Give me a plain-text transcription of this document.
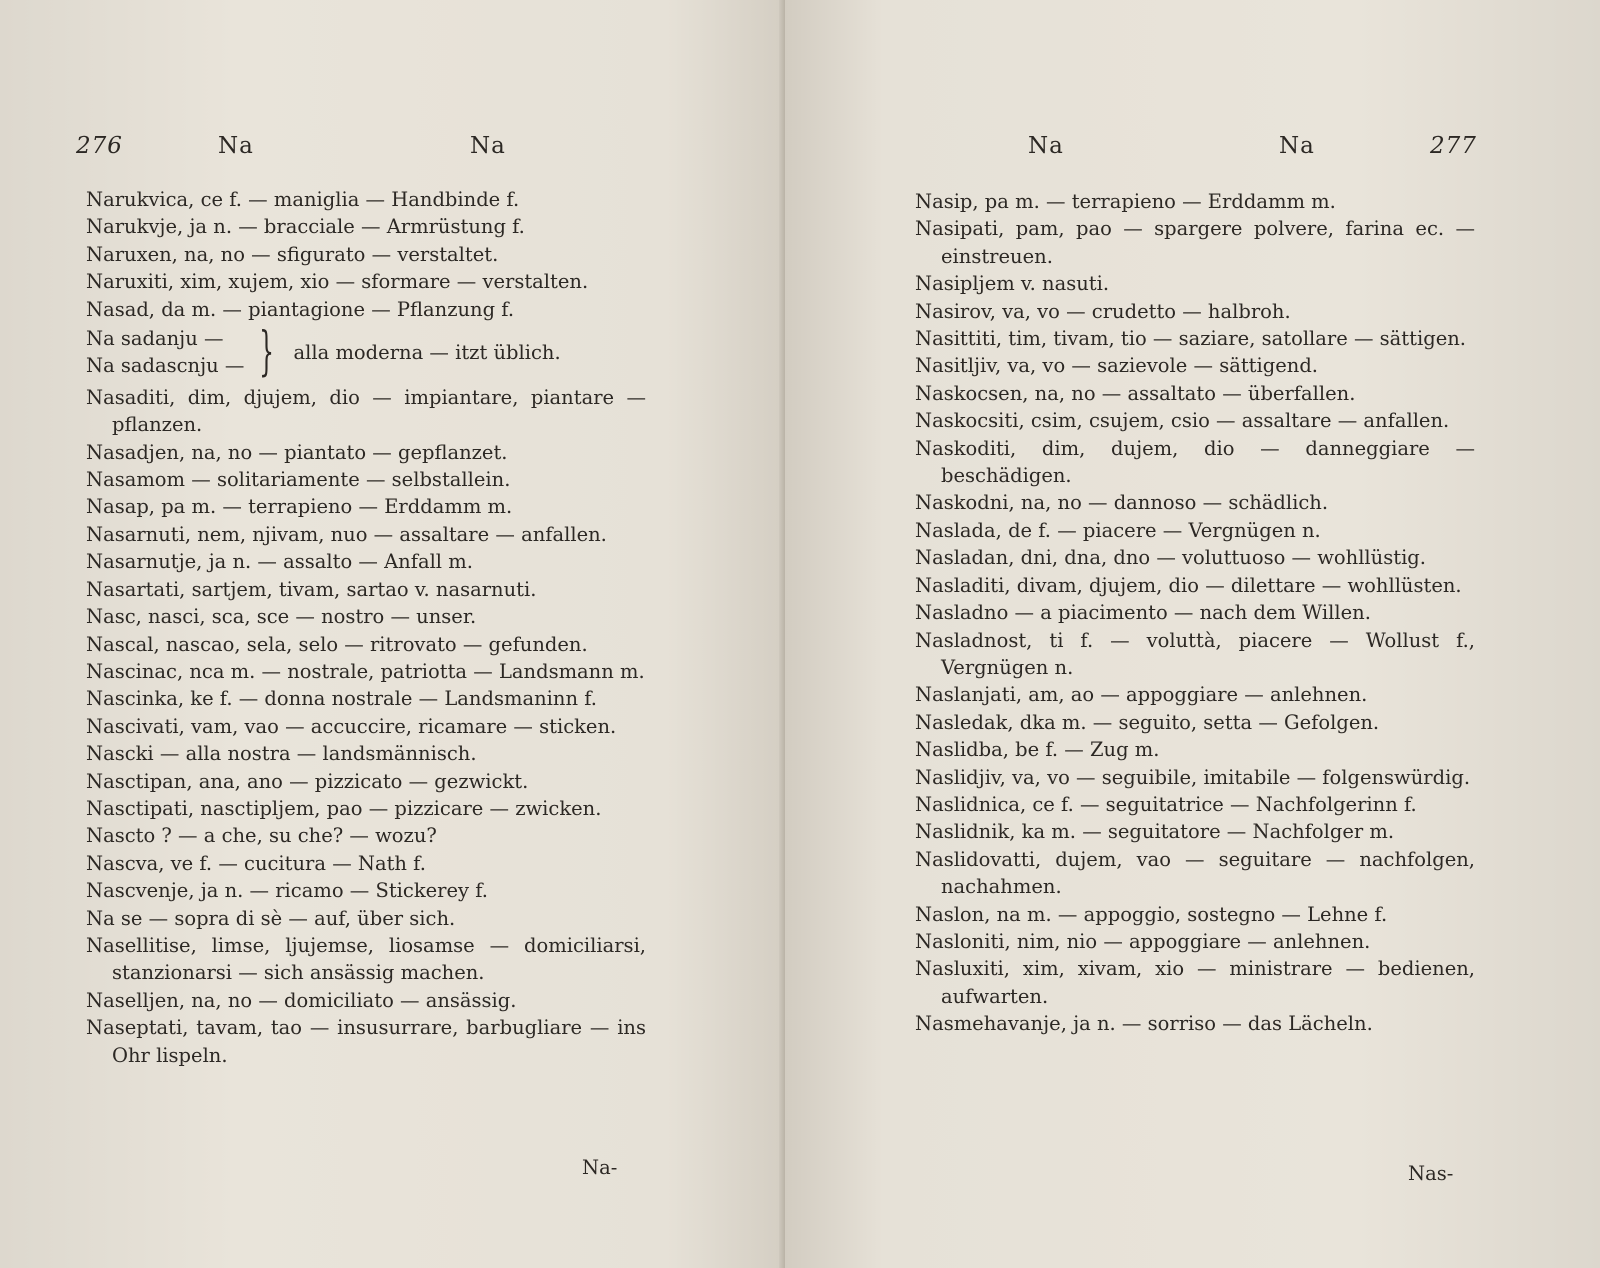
276	Na	Na
Narukvica, ce f. — maniglia — Handbinde f.
Narukvje, ja n. — bracciale — Armrüstung f.
Naruxen, na, no — sfigurato — verstaltet.
Naruxiti, xim, xujem, xio — sformare — verstalten.
Nasad, da m. — piantagione — Pflanzung f.
Na sadanju —
Na sadascnju — } alla moderna — itzt üblich.
Nasaditi, dim, djujem, dio — impiantare, piantare — pflanzen.
Nasadjen, na, no — piantato — gepflanzet.
Nasamom — solitariamente — selbstallein.
Nasap, pa m. — terrapieno — Erddamm m.
Nasarnuti, nem, njivam, nuo — assaltare — anfallen.
Nasarnutje, ja n. — assalto — Anfall m.
Nasartati, sartjem, tivam, sartao v. nasarnuti.
Nasc, nasci, sca, sce — nostro — unser.
Nascal, nascao, sela, selo — ritrovato — gefunden.
Nascinac, nca m. — nostrale, patriotta — Landsmann m.
Nascinka, ke f. — donna nostrale — Landsmaninn f.
Nascivati, vam, vao — accuccire, ricamare — sticken.
Nascki — alla nostra — landsmännisch.
Nasctipan, ana, ano — pizzicato — gezwickt.
Nasctipati, nasctipljem, pao — pizzicare — zwicken.
Nascto ? — a che, su che? — wozu?
Nascva, ve f. — cucitura — Nath f.
Nascvenje, ja n. — ricamo — Stickerey f.
Na se — sopra di sè — auf, über sich.
Nasellitise, limse, ljujemse, liosamse — domiciliarsi, stanzionarsi — sich ansässig machen.
Naselljen, na, no — domiciliato — ansässig.
Naseptati, tavam, tao — insusurrare, barbugliare — ins Ohr lispeln.
Na-
Na	Na	277
Nasip, pa m. — terrapieno — Erddamm m.
Nasipati, pam, pao — spargere polvere, farina ec. — einstreuen.
Nasipljem v. nasuti.
Nasirov, va, vo — crudetto — halbroh.
Nasittiti, tim, tivam, tio — saziare, satollare — sättigen.
Nasitljiv, va, vo — sazievole — sättigend.
Naskocsen, na, no — assaltato — überfallen.
Naskocsiti, csim, csujem, csio — assaltare — anfallen.
Naskoditi, dim, dujem, dio — danneggiare — beschädigen.
Naskodni, na, no — dannoso — schädlich.
Naslada, de f. — piacere — Vergnügen n.
Nasladan, dni, dna, dno — voluttuoso — wohllüstig.
Nasladiti, divam, djujem, dio — dilettare — wohllüsten.
Nasladno — a piacimento — nach dem Willen.
Nasladnost, ti f. — voluttà, piacere — Wollust f., Vergnügen n.
Naslanjati, am, ao — appoggiare — anlehnen.
Nasledak, dka m. — seguito, setta — Gefolgen.
Naslidba, be f. — Zug m.
Naslidjiv, va, vo — seguibile, imitabile — folgenswürdig.
Naslidnica, ce f. — seguitatrice — Nachfolgerinn f.
Naslidnik, ka m. — seguitatore — Nachfolger m.
Naslidovatti, dujem, vao — seguitare — nachfolgen, nachahmen.
Naslon, na m. — appoggio, sostegno — Lehne f.
Nasloniti, nim, nio — appoggiare — anlehnen.
Nasluxiti, xim, xivam, xio — ministrare — bedienen, aufwarten.
Nasmehavanje, ja n. — sorriso — das Lächeln.
Nas-
